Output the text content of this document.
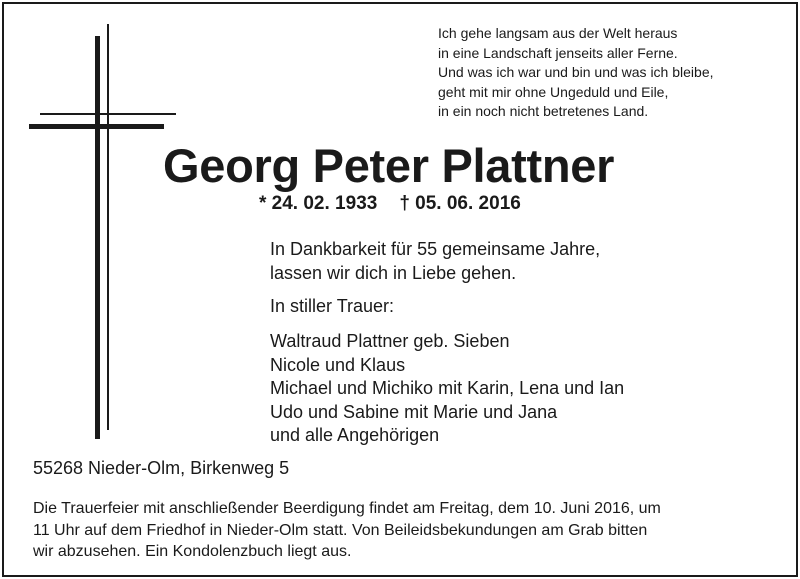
Ich gehe langsam aus der Welt heraus
in eine Landschaft jenseits aller Ferne.
Und was ich war und bin und was ich bleibe,
geht mit mir ohne Ungeduld und Eile,
in ein noch nicht betretenes Land.
Georg Peter Plattner
* 24. 02. 1933 † 05. 06. 2016
In Dankbarkeit für 55 gemeinsame Jahre,
lassen wir dich in Liebe gehen.
In stiller Trauer:
Waltraud Plattner geb. Sieben
Nicole und Klaus
Michael und Michiko mit Karin, Lena und Ian
Udo und Sabine mit Marie und Jana
und alle Angehörigen
55268 Nieder-Olm, Birkenweg 5
Die Trauerfeier mit anschließender Beerdigung findet am Freitag, dem 10. Juni 2016, um
11 Uhr auf dem Friedhof in Nieder-Olm statt. Von Beileidsbekundungen am Grab bitten
wir abzusehen. Ein Kondolenzbuch liegt aus.
